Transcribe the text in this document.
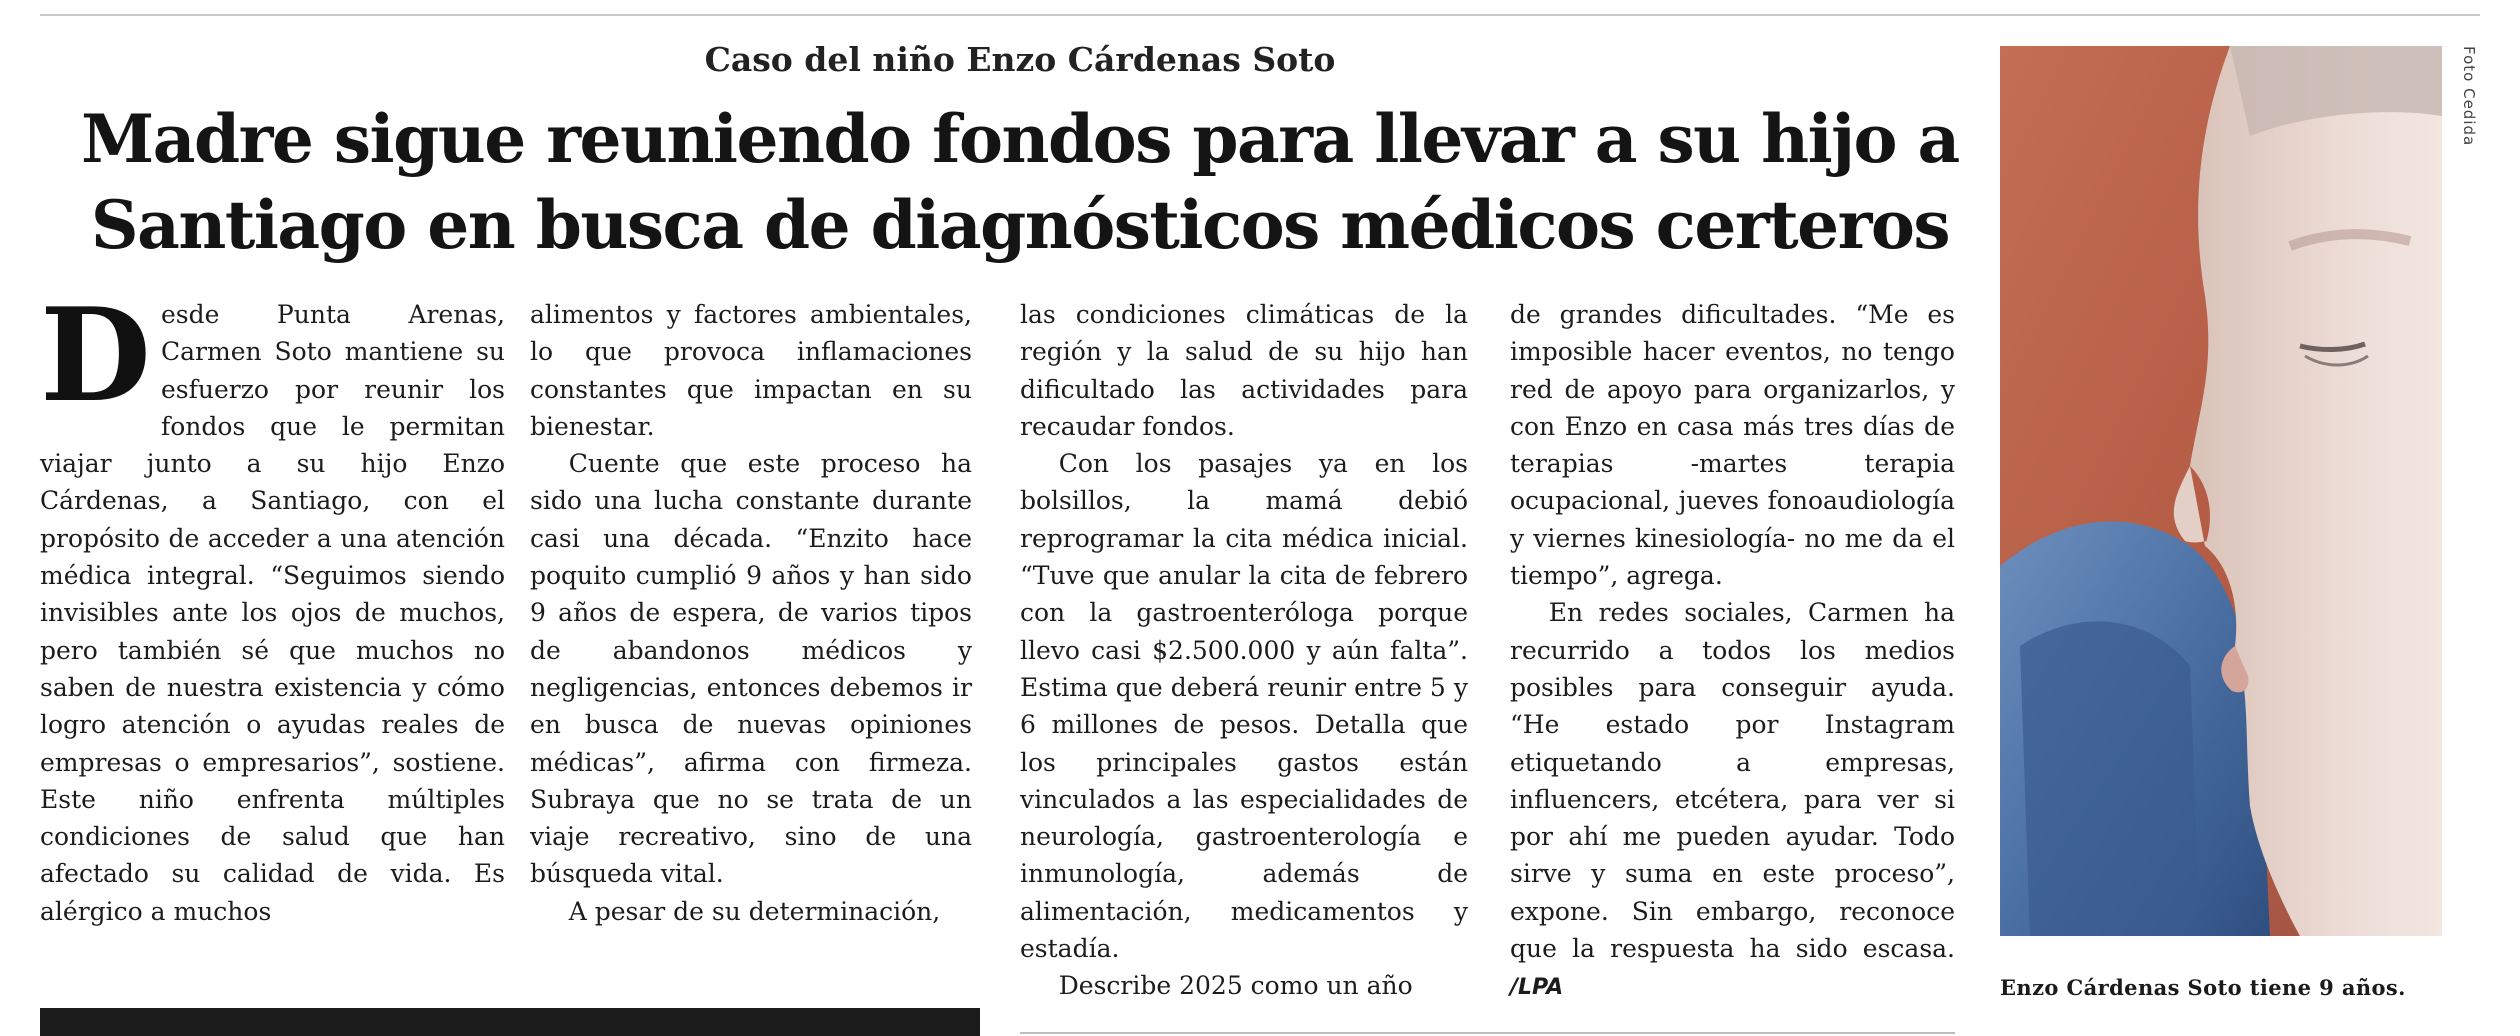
Caso del niño Enzo Cárdenas Soto
Madre sigue reuniendo fondos para llevar a su hijo a Santiago en busca de diagnósticos médicos certeros
D esde Punta Arenas, Carmen Soto mantiene su esfuerzo por reunir los fondos que le permitan viajar junto a su hijo Enzo Cárdenas, a Santiago, con el propósito de acceder a una atención médica integral. “Seguimos siendo invisibles ante los ojos de muchos, pero también sé que muchos no saben de nuestra existencia y cómo logro atención o ayudas reales de empresas o empresarios”, sostiene. Este niño enfrenta múltiples condiciones de salud que han afectado su calidad de vida. Es alérgico a muchos

alimentos y factores ambientales, lo que provoca inflamaciones constantes que impactan en su bienestar.

Cuente que este proceso ha sido una lucha constante durante casi una década. “Enzito hace poquito cumplió 9 años y han sido 9 años de espera, de varios tipos de abandonos médicos y negligencias, entonces debemos ir en busca de nuevas opiniones médicas”, afirma con firmeza. Subraya que no se trata de un viaje recreativo, sino de una búsqueda vital.

A pesar de su determinación,

las condiciones climáticas de la región y la salud de su hijo han dificultado las actividades para recaudar fondos.

Con los pasajes ya en los bolsillos, la mamá debió reprogramar la cita médica inicial. “Tuve que anular la cita de febrero con la gastroenteróloga porque llevo casi $2.500.000 y aún falta”. Estima que deberá reunir entre 5 y 6 millones de pesos. Detalla que los principales gastos están vinculados a las especialidades de neurología, gastroenterología e inmunología, además de alimentación, medicamentos y estadía.

Describe 2025 como un año

de grandes dificultades. “Me es imposible hacer eventos, no tengo red de apoyo para organizarlos, y con Enzo en casa más tres días de terapias -martes terapia ocupacional, jueves fonoaudiología y viernes kinesiología- no me da el tiempo”, agrega.

En redes sociales, Carmen ha recurrido a todos los medios posibles para conseguir ayuda. “He estado por Instagram etiquetando a empresas, influencers, etcétera, para ver si por ahí me pueden ayudar. Todo sirve y suma en este proceso”, expone. Sin embargo, reconoce que la respuesta ha sido escasa. /LPA

Foto Cedida
Enzo Cárdenas Soto tiene 9 años.
